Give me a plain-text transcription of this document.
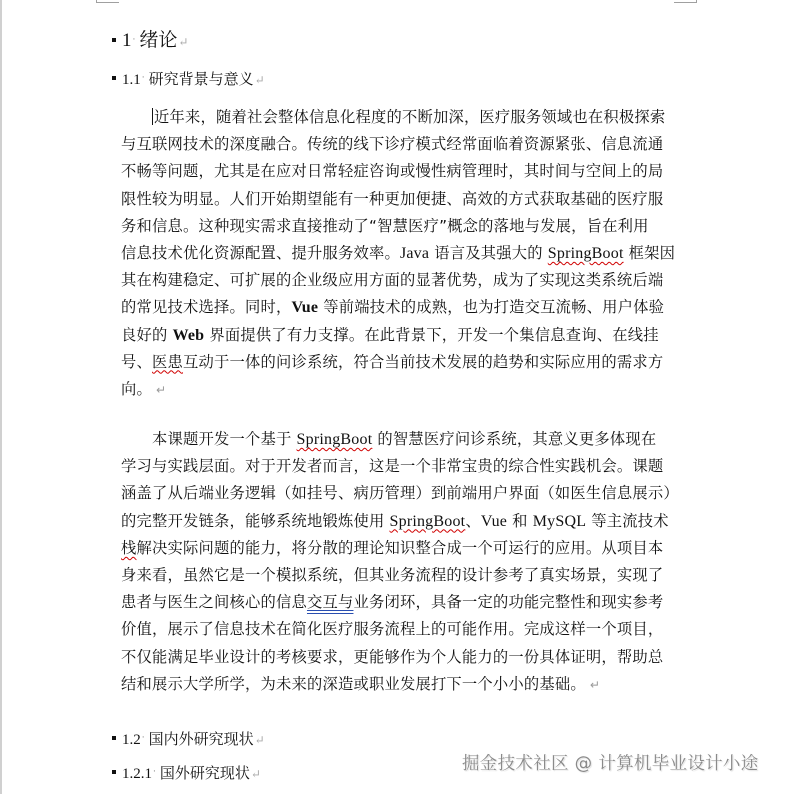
1 · 绪论 ↵
1.1 · 研究背景与意义 ↵
近年来，随着社会整体信息化程度的不断加深，医疗服务领域也在积极探索
与互联网技术的深度融合。传统的线下诊疗模式经常面临着资源紧张、信息流通
不畅等问题，尤其是在应对日常轻症咨询或慢性病管理时，其时间与空间上的局
限性较为明显。人们开始期望能有一种更加便捷、高效的方式获取基础的医疗服
务和信息。这种现实需求直接推动了“智慧医疗”概念的落地与发展，旨在利用
信息技术优化资源配置、提升服务效率。Java 语言及其强大的 SpringBoot 框架因
其在构建稳定、可扩展的企业级应用方面的显著优势，成为了实现这类系统后端
的常见技术选择。同时，Vue 等前端技术的成熟，也为打造交互流畅、用户体验
良好的 Web 界面提供了有力支撑。在此背景下，开发一个集信息查询、在线挂
号、医患互动于一体的问诊系统，符合当前技术发展的趋势和实际应用的需求方
向。 ↵
本课题开发一个基于 SpringBoot 的智慧医疗问诊系统，其意义更多体现在
学习与实践层面。对于开发者而言，这是一个非常宝贵的综合性实践机会。课题
涵盖了从后端业务逻辑（如挂号、病历管理）到前端用户界面（如医生信息展示）
的完整开发链条，能够系统地锻炼使用 SpringBoot、Vue 和 MySQL 等主流技术
栈解决实际问题的能力，将分散的理论知识整合成一个可运行的应用。从项目本
身来看，虽然它是一个模拟系统，但其业务流程的设计参考了真实场景，实现了
患者与医生之间核心的信息交互与业务闭环，具备一定的功能完整性和现实参考
价值，展示了信息技术在简化医疗服务流程上的可能作用。完成这样一个项目，
不仅能满足毕业设计的考核要求，更能够作为个人能力的一份具体证明，帮助总
结和展示大学所学，为未来的深造或职业发展打下一个小小的基础。 ↵
1.2 · 国内外研究现状 ↵
1.2.1 · 国外研究现状 ↵	掘金技术社区 @ 计算机毕业设计小途
